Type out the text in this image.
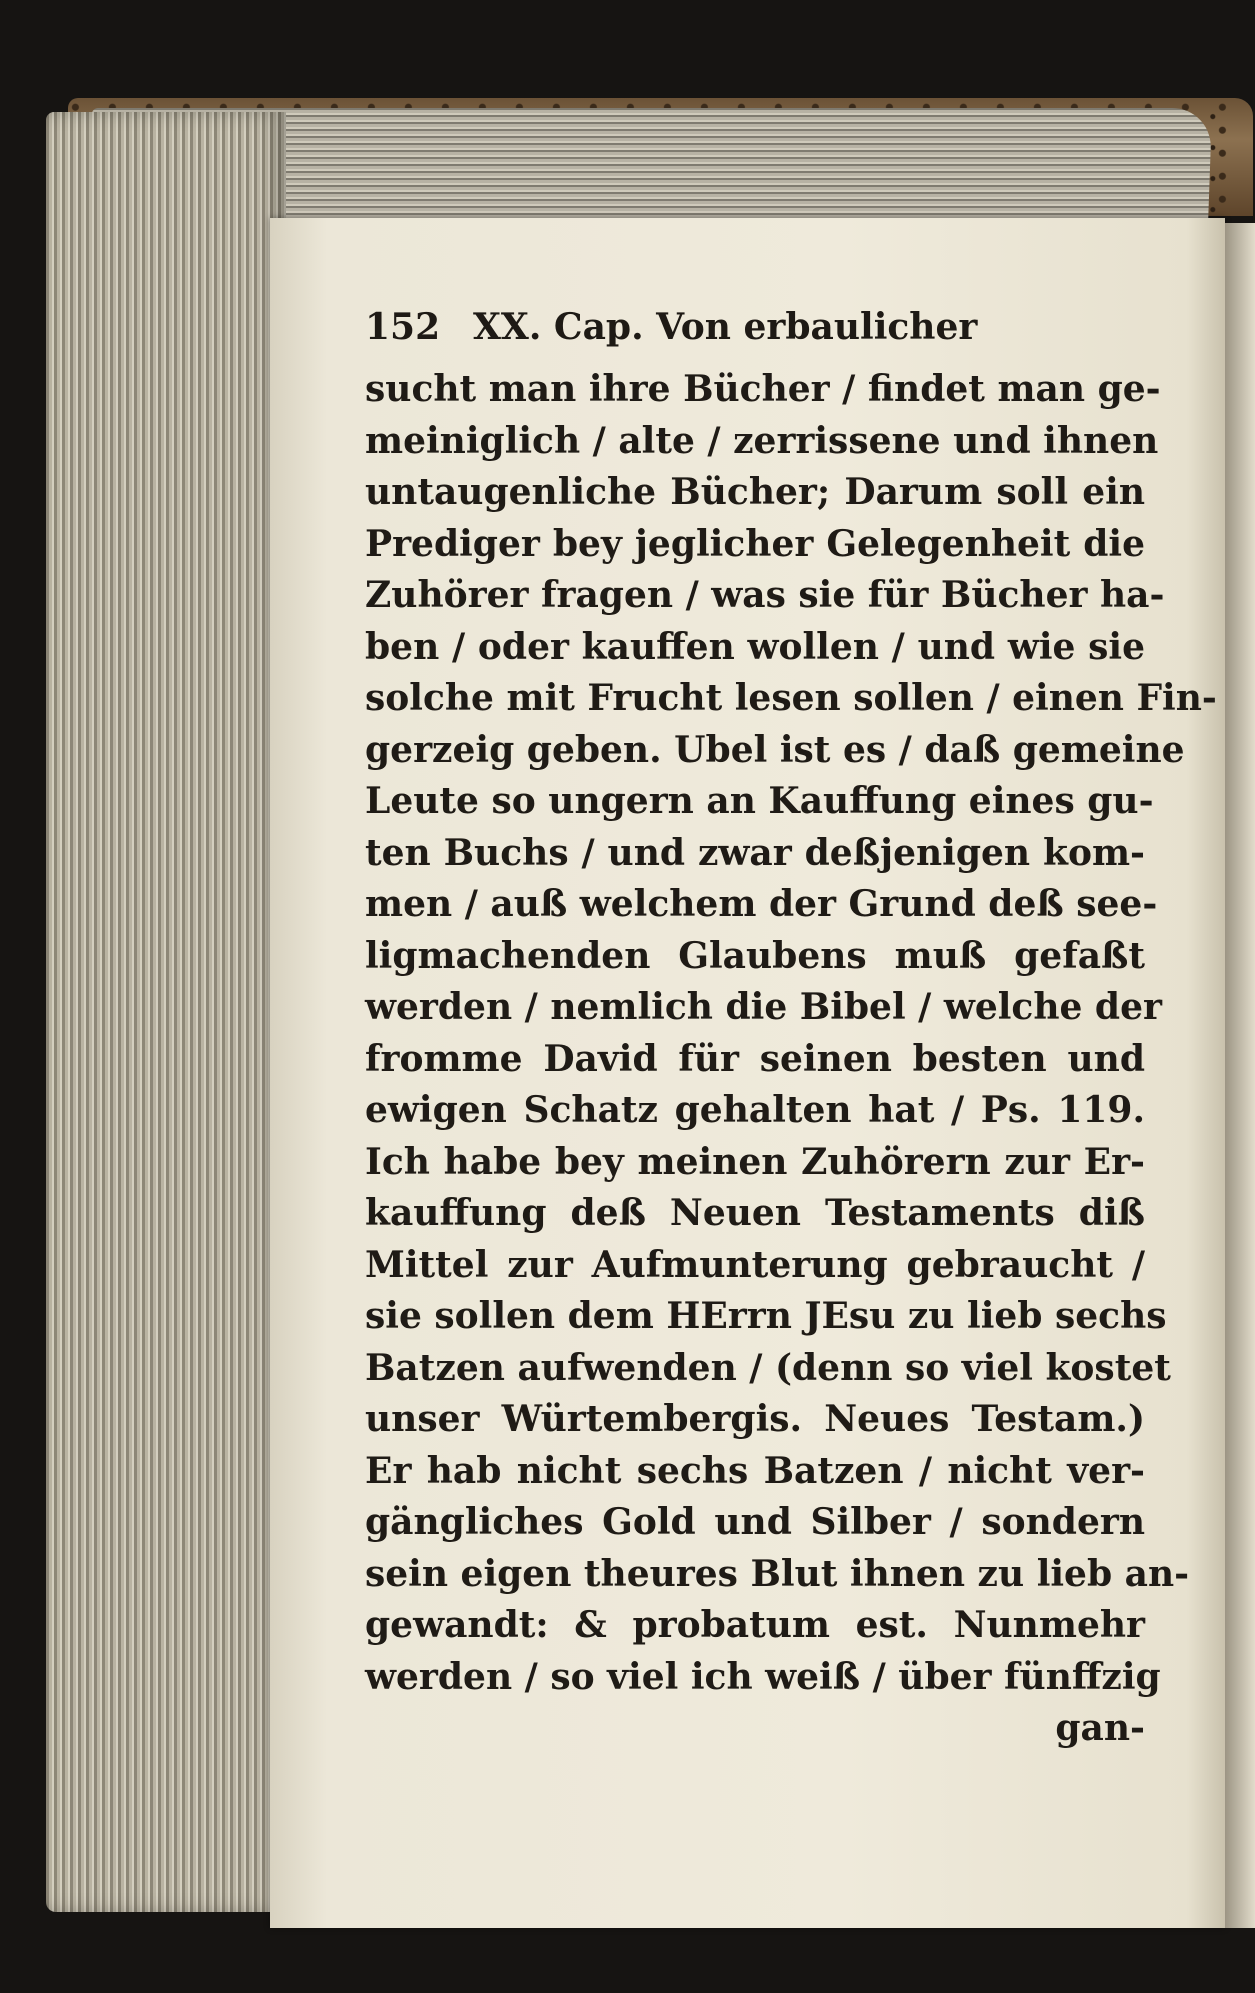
152 XX. Cap. Von erbaulicher
sucht man ihre Bücher / findet man ge-
meiniglich / alte / zerrissene und ihnen
untaugenliche Bücher; Darum soll ein
Prediger bey jeglicher Gelegenheit die
Zuhörer fragen / was sie für Bücher ha-
ben / oder kauffen wollen / und wie sie
solche mit Frucht lesen sollen / einen Fin-
gerzeig geben. Ubel ist es / daß gemeine
Leute so ungern an Kauffung eines gu-
ten Buchs / und zwar deßjenigen kom-
men / auß welchem der Grund deß see-
ligmachenden Glaubens muß gefaßt
werden / nemlich die Bibel / welche der
fromme David für seinen besten und
ewigen Schatz gehalten hat / Ps. 119.
Ich habe bey meinen Zuhörern zur Er-
kauffung deß Neuen Testaments diß
Mittel zur Aufmunterung gebraucht /
sie sollen dem HErrn JEsu zu lieb sechs
Batzen aufwenden / (denn so viel kostet
unser Würtembergis. Neues Testam.)
Er hab nicht sechs Batzen / nicht ver-
gängliches Gold und Silber / sondern
sein eigen theures Blut ihnen zu lieb an-
gewandt: & probatum est. Nunmehr
werden / so viel ich weiß / über fünffzig
gan-
